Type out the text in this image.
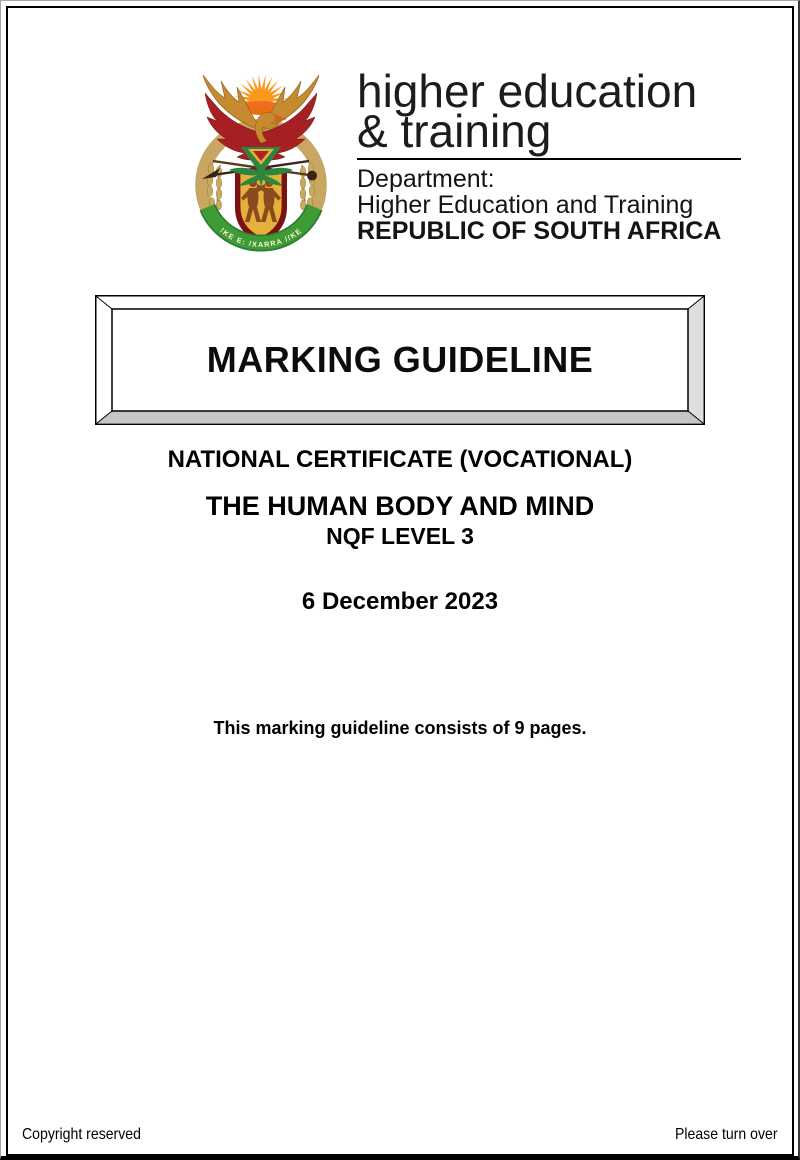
!KE E: /XARRA //KE
higher education
& training
Department:
Higher Education and Training
REPUBLIC OF SOUTH AFRICA
MARKING GUIDELINE
NATIONAL CERTIFICATE (VOCATIONAL)
THE HUMAN BODY AND MIND
NQF LEVEL 3
6 December 2023
This marking guideline consists of 9 pages.
Copyright reserved	Please turn over
